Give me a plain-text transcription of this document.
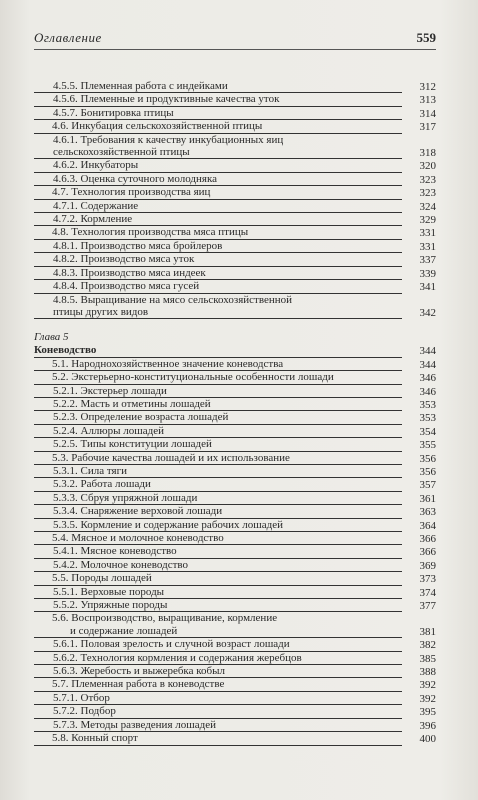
Оглавление	559
4.5.5. Племенная работа с индейками	312
4.5.6. Племенные и продуктивные качества уток	313
4.5.7. Бонитировка птицы	314
4.6. Инкубация сельскохозяйственной птицы	317
4.6.1. Требования к качеству инкубационных яиц
сельскохозяйственной птицы	318
4.6.2. Инкубаторы	320
4.6.3. Оценка суточного молодняка	323
4.7. Технология производства яиц	323
4.7.1. Содержание	324
4.7.2. Кормление	329
4.8. Технология производства мяса птицы	331
4.8.1. Производство мяса бройлеров	331
4.8.2. Производство мяса уток	337
4.8.3. Производство мяса индеек	339
4.8.4. Производство мяса гусей	341
4.8.5. Выращивание на мясо сельскохозяйственной
птицы других видов	342
Глава 5
Коневодство	344
5.1. Народнохозяйственное значение коневодства	344
5.2. Экстерьерно-конституциональные особенности лошади	346
5.2.1. Экстерьер лошади	346
5.2.2. Масть и отметины лошадей	353
5.2.3. Определение возраста лошадей	353
5.2.4. Аллюры лошадей	354
5.2.5. Типы конституции лошадей	355
5.3. Рабочие качества лошадей и их использование	356
5.3.1. Сила тяги	356
5.3.2. Работа лошади	357
5.3.3. Сбруя упряжной лошади	361
5.3.4. Снаряжение верховой лошади	363
5.3.5. Кормление и содержание рабочих лошадей	364
5.4. Мясное и молочное коневодство	366
5.4.1. Мясное коневодство	366
5.4.2. Молочное коневодство	369
5.5. Породы лошадей	373
5.5.1. Верховые породы	374
5.5.2. Упряжные породы	377
5.6. Воспроизводство, выращивание, кормление
и содержание лошадей	381
5.6.1. Половая зрелость и случной возраст лошади	382
5.6.2. Технология кормления и содержания жеребцов	385
5.6.3. Жеребость и выжеребка кобыл	388
5.7. Племенная работа в коневодстве	392
5.7.1. Отбор	392
5.7.2. Подбор	395
5.7.3. Методы разведения лошадей	396
5.8. Конный спорт	400
